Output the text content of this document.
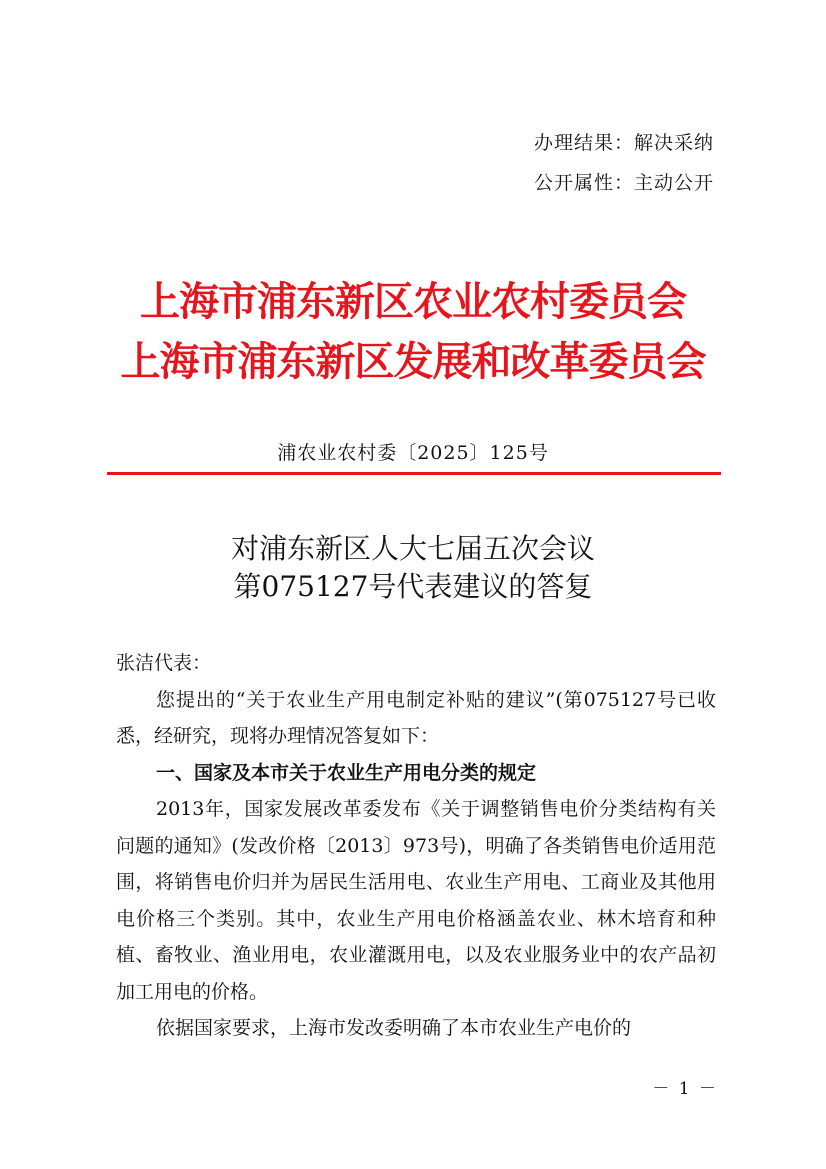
办理结果：解决采纳
公开属性：主动公开
上海市浦东新区农业农村委员会
上海市浦东新区发展和改革委员会
浦农业农村委〔2025〕125号
对浦东新区人大七届五次会议
第075127号代表建议的答复

张洁代表：

您提出的“关于农业生产用电制定补贴的建议”(第075127号已收悉，经研究，现将办理情况答复如下：

一、国家及本市关于农业生产用电分类的规定

2013年，国家发展改革委发布《关于调整销售电价分类结构有关问题的通知》(发改价格〔2013〕973号)，明确了各类销售电价适用范围，将销售电价归并为居民生活用电、农业生产用电、工商业及其他用电价格三个类别。其中，农业生产用电价格涵盖农业、林木培育和种植、畜牧业、渔业用电，农业灌溉用电，以及农业服务业中的农产品初加工用电的价格。

依据国家要求，上海市发改委明确了本市农业生产电价的

－ 1 －
